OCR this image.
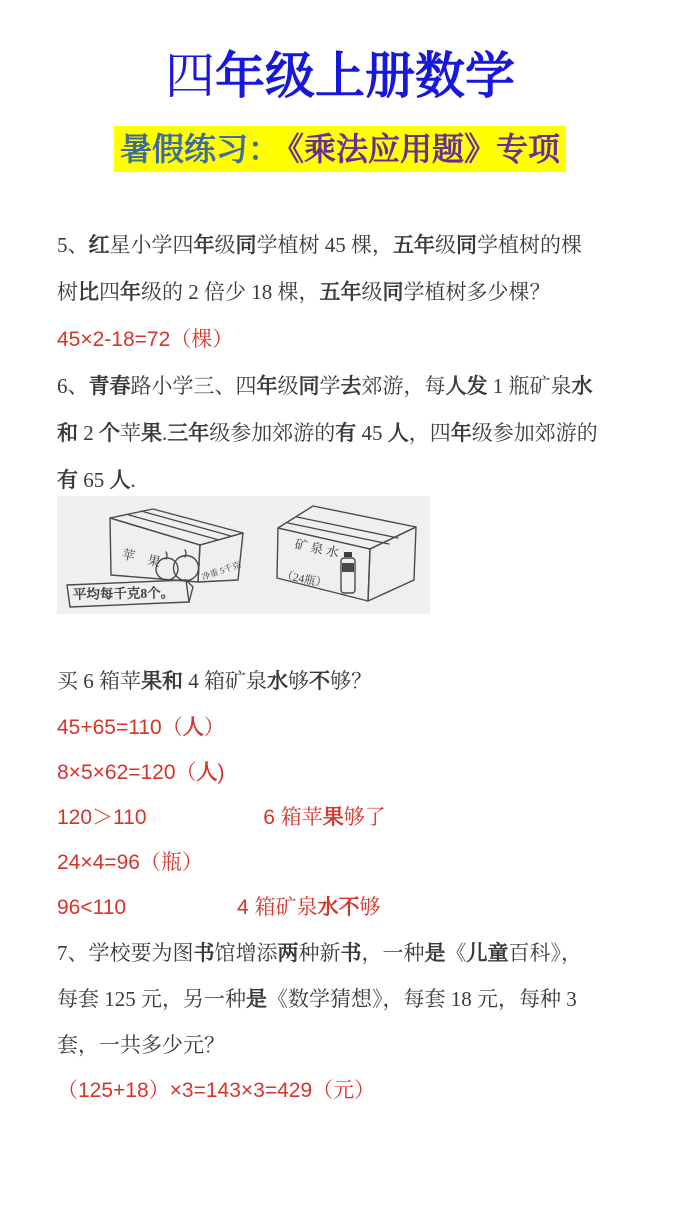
四年级上册数学
暑假练习： 《乘法应用题》专项

5、红星小学四年级同学植树 45 棵，五年级同学植树的棵

树比四年级的 2 倍少 18 棵，五年级同学植树多少棵？

45×2-18=72（棵）

6、青春路小学三、四年级同学去郊游，每人发 1 瓶矿泉水

和 2 个苹果.三年级参加郊游的有 45 人，四年级参加郊游的

有 65 人.

苹 果	净重 5千克
平均每千克8个。
矿泉水
（24瓶）

买 6 箱苹果和 4 箱矿泉水够不够？

45+65=110（人）

8×5×62=120（人)

120＞110                    6 箱苹果够了

24×4=96（瓶）

96<110                   4 箱矿泉水不够

7、学校要为图书馆增添两种新书，一种是《儿童百科》，

每套 125 元，另一种是《数学猜想》，每套 18 元，每种 3

套，一共多少元？

（125+18）×3=143×3=429（元）
